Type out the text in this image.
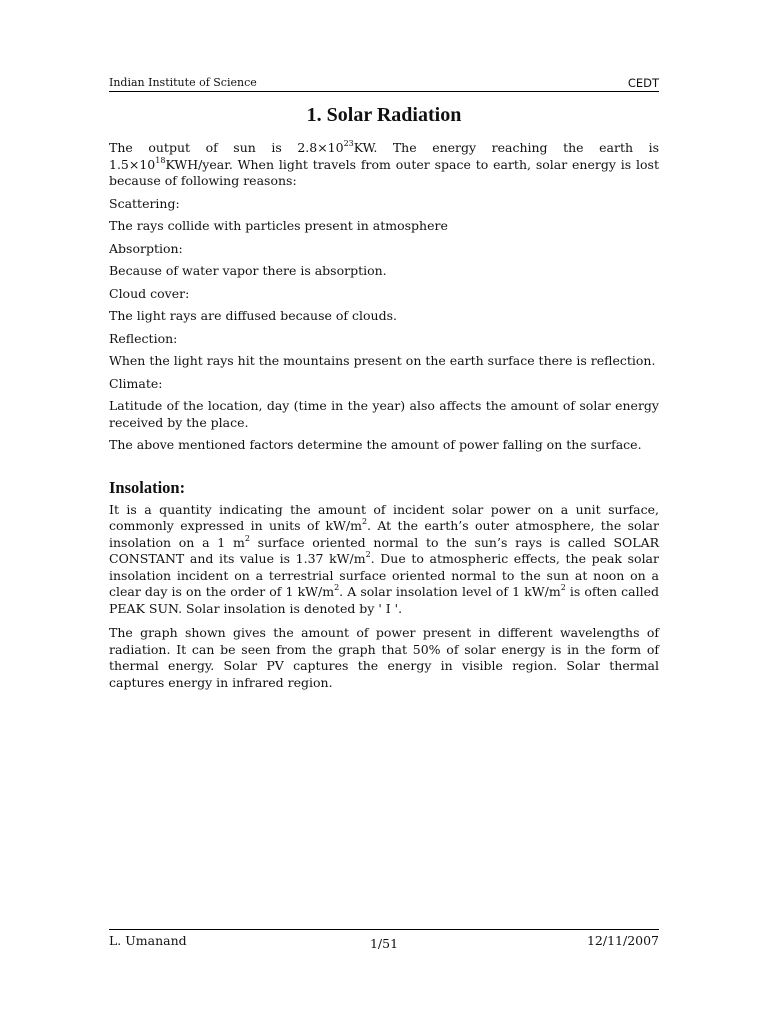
Indian Institute of Science	CEDT
1. Solar Radiation

The output of sun is $2.8\times 10^{23}KW$. The energy reaching the earth is $1.5\times 10^{18}KWH$/year. When light travels from outer space to earth, solar energy is lost because of following reasons:

Scattering:

The rays collide with particles present in atmosphere

Absorption:

Because of water vapor there is absorption.

Cloud cover:

The light rays are diffused because of clouds.

Reflection:

When the light rays hit the mountains present on the earth surface there is reflection.

Climate:

Latitude of the location, day (time in the year) also affects the amount of solar energy received by the place.

The above mentioned factors determine the amount of power falling on the surface.

Insolation:

It is a quantity indicating the amount of incident solar power on a unit surface, commonly expressed in units of $kW/m^2$. At the earth’s outer atmosphere, the solar insolation on a 1 $m^2$ surface oriented normal to the sun’s rays is called SOLAR CONSTANT and its value is 1.37 $kW/m^2$. Due to atmospheric effects, the peak solar insolation incident on a terrestrial surface oriented normal to the sun at noon on a clear day is on the order of 1 $kW/m^2$. A solar insolation level of 1 $kW/m^2$ is often called PEAK SUN. Solar insolation is denoted by ' I '.

The graph shown gives the amount of power present in different wavelengths of radiation. It can be seen from the graph that 50% of solar energy is in the form of thermal energy. Solar PV captures the energy in visible region. Solar thermal captures energy in infrared region.

L. Umanand	1/51	12/11/2007
